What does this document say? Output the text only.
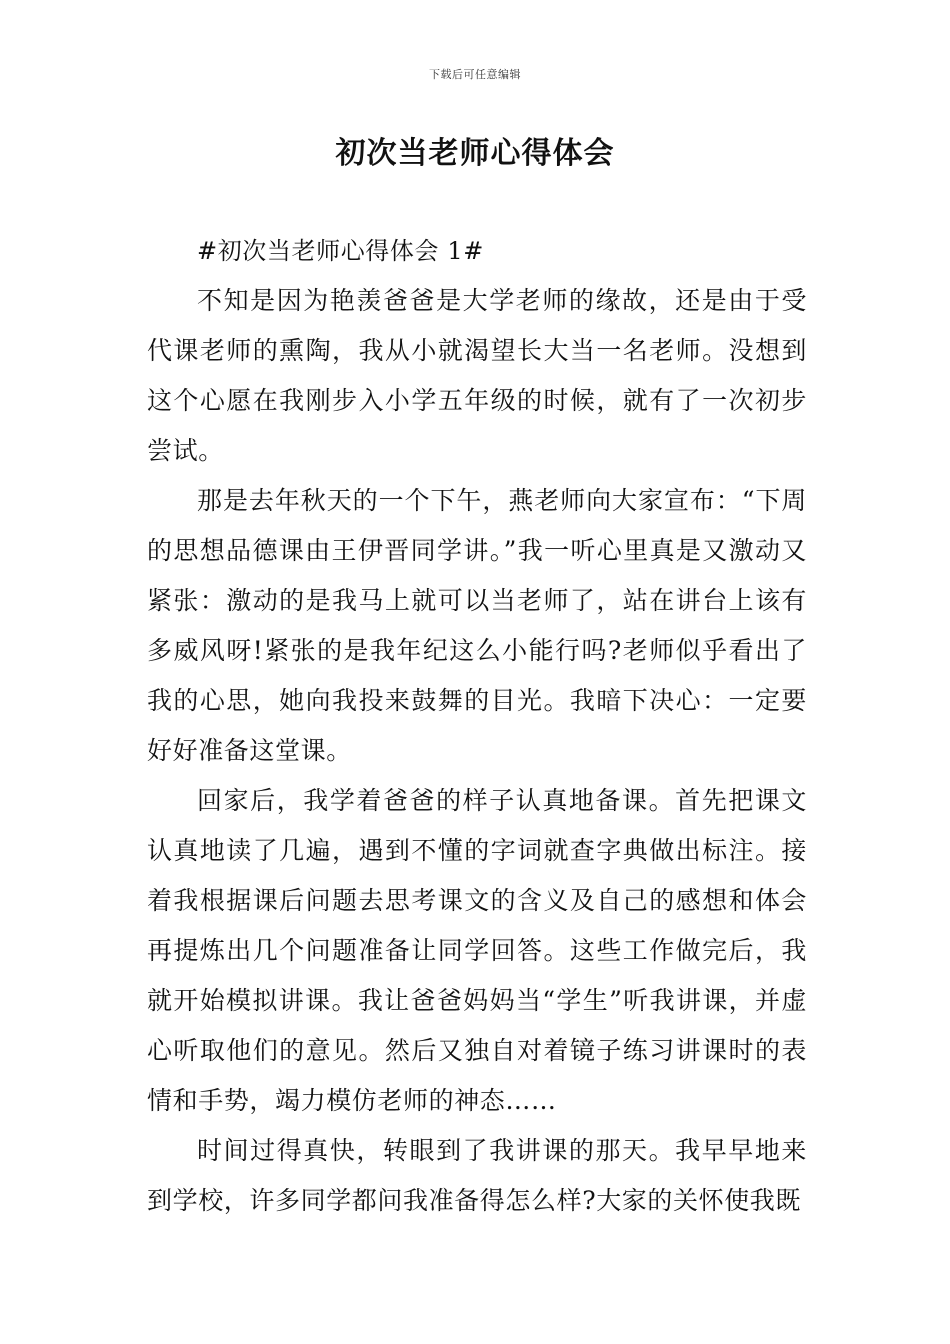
下载后可任意编辑
初次当老师心得体会
#初次当老师心得体会 1#

不知是因为艳羡爸爸是大学老师的缘故，还是由于受代课老师的熏陶，我从小就渴望长大当一名老师。没想到这个心愿在我刚步入小学五年级的时候，就有了一次初步尝试。

那是去年秋天的一个下午，燕老师向大家宣布：“下周的思想品德课由王伊晋同学讲。”我一听心里真是又激动又紧张：激动的是我马上就可以当老师了，站在讲台上该有多威风呀!紧张的是我年纪这么小能行吗?老师似乎看出了我的心思，她向我投来鼓舞的目光。我暗下决心：一定要好好准备这堂课。

回家后，我学着爸爸的样子认真地备课。首先把课文认真地读了几遍，遇到不懂的字词就查字典做出标注。接着我根据课后问题去思考课文的含义及自己的感想和体会再提炼出几个问题准备让同学回答。这些工作做完后，我就开始模拟讲课。我让爸爸妈妈当“学生”听我讲课，并虚心听取他们的意见。然后又独自对着镜子练习讲课时的表情和手势，竭力模仿老师的神态……

时间过得真快，转眼到了我讲课的那天。我早早地来到学校，许多同学都问我准备得怎么样?大家的关怀使我既
